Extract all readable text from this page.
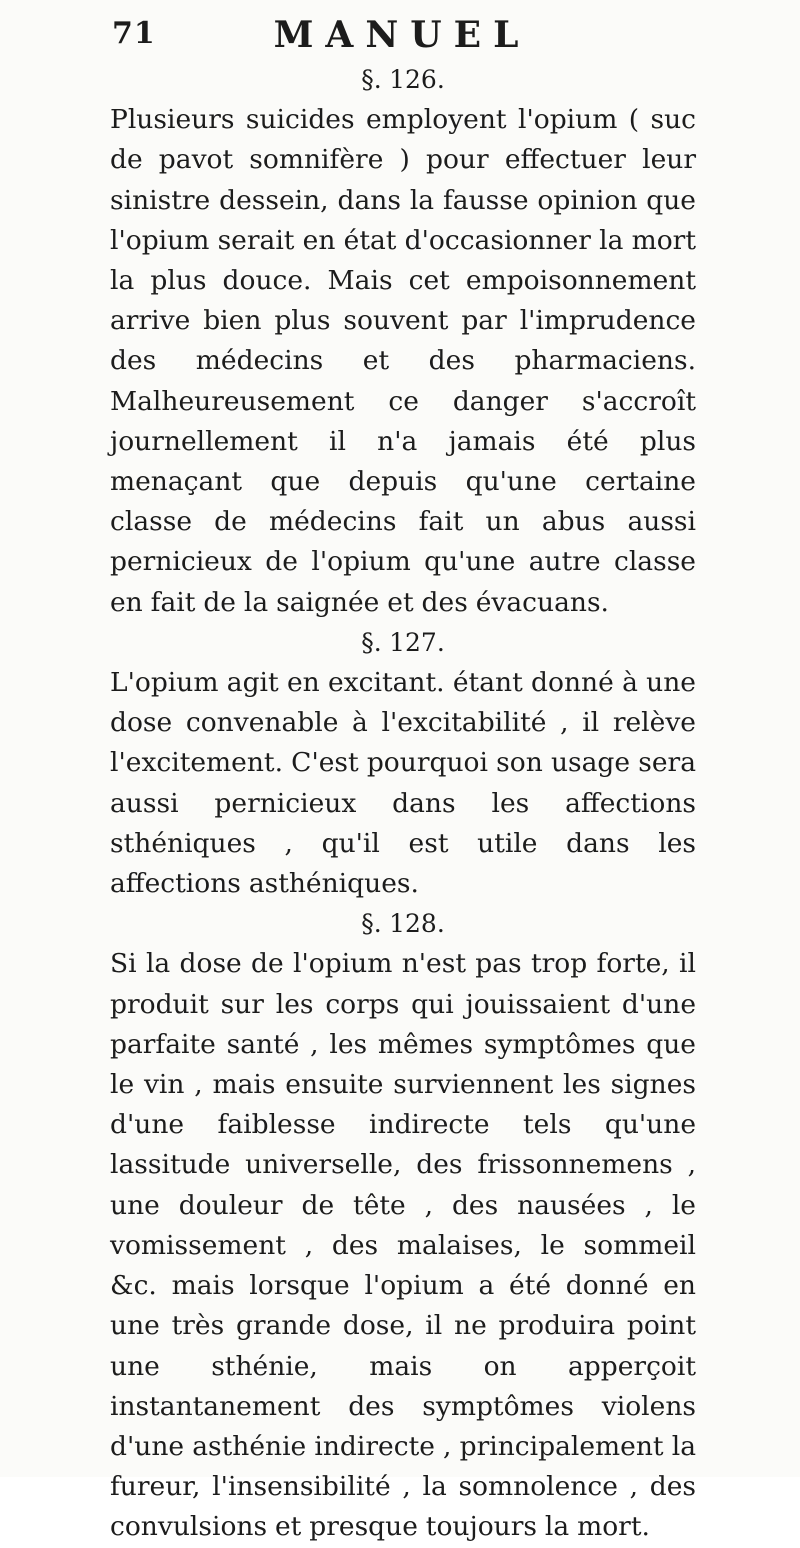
71	MANUEL

§. 126.

Plusieurs suicides employent l'opium ( suc de pavot somnifère ) pour effectuer leur sinistre dessein, dans la fausse opinion que l'opium serait en état d'occasionner la mort la plus douce. Mais cet empoisonnement arrive bien plus souvent par l'imprudence des médecins et des pharmaciens. Malheureusement ce danger s'accroît journellement il n'a jamais été plus menaçant que depuis qu'une certaine classe de médecins fait un abus aussi pernicieux de l'opium qu'une autre classe en fait de la saignée et des évacuans.

§. 127.

L'opium agit en excitant. étant donné à une dose convenable à l'excitabilité , il relève l'excitement. C'est pourquoi son usage sera aussi pernicieux dans les affections sthéniques , qu'il est utile dans les affections asthéniques.

§. 128.

Si la dose de l'opium n'est pas trop forte, il produit sur les corps qui jouissaient d'une parfaite santé , les mêmes symptômes que le vin , mais ensuite surviennent les signes d'une faiblesse indirecte tels qu'une lassitude universelle, des frissonnemens , une douleur de tête , des nausées , le vomissement , des malaises, le sommeil &c. mais lorsque l'opium a été donné en une très grande dose, il ne produira point une sthénie, mais on apperçoit instantanement des symptômes violens d'une asthénie indirecte , principalement la fureur, l'insensibilité , la somnolence , des convulsions et presque toujours la mort.
